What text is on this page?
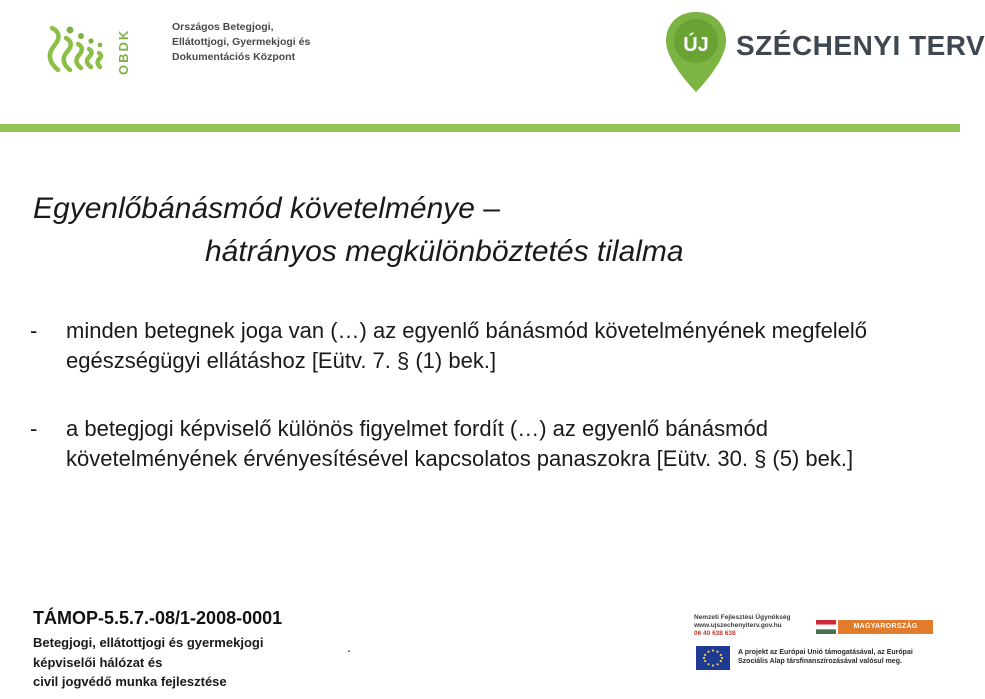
OBDK
Országos Betegjogi,
Ellátottjogi, Gyermekjogi és
Dokumentációs Központ
ÚJ SZÉCHENYI TERV
Egyenlőbánásmód követelménye –
hátrányos megkülönböztetés tilalma
-	minden betegnek joga van (…) az egyenlő bánásmód követelményének megfelelő egészségügyi ellátáshoz [Eütv. 7. § (1) bek.]
-	a betegjogi képviselő különös figyelmet fordít (…) az egyenlő bánásmód követelményének érvényesítésével kapcsolatos panaszokra [Eütv. 30. § (5) bek.]
TÁMOP-5.5.7.-08/1-2008-0001
Betegjogi, ellátottjogi és gyermekjogi
képviselői hálózat és
civil jogvédő munka fejlesztése
.
Nemzeti Fejlesztési Ügynökség
www.ujszechenyiterv.gov.hu
06 40 638 638
MAGYARORSZÁG MEGÚJUL
A projekt az Európai Unió támogatásával, az Európai
Szociális Alap társfinanszírozásával valósul meg.
